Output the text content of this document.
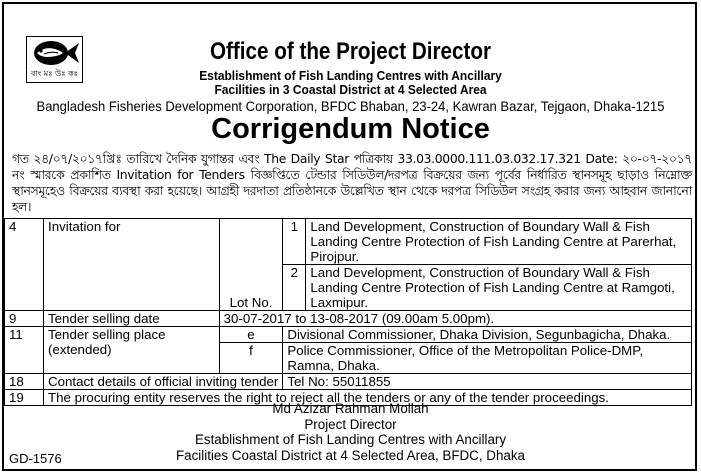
বাং মঃ উঃ কঃ
Office of the Project Director
Establishment of Fish Landing Centres with Ancillary
Facilities in 3 Coastal District at 4 Selected Area
Bangladesh Fisheries Development Corporation, BFDC Bhaban, 23-24, Kawran Bazar, Tejgaon, Dhaka-1215
Corrigendum Notice
গত ২৪/০৭/২০১৭খ্রিঃ তারিখে দৈনিক যুগান্তর এবং The Daily Star পত্রিকায় 33.03.0000.111.03.032.17.321 Date: ২০-০৭-২০১৭ নং স্মারকে প্রকাশিত Invitation for Tenders বিজ্ঞপ্তিতে টেন্ডার সিডিউল/দরপত্র বিক্রয়ের জন্য পূর্বের নির্ধারিত স্থানসমূহ ছাড়াও নিম্নোক্ত স্থানসমূহেও বিক্রয়ের ব্যবস্থা করা হয়েছে। আগ্রহী দরদাতা প্রতিষ্ঠানকে উল্লেখিত স্থান থেকে দরপত্র সিডিউল সংগ্রহ করার জন্য আহবান জানানো হল।
4	Invitation for	Lot No.	1	Land Development, Construction of Boundary Wall & Fish Landing Centre Protection of Fish Landing Centre at Parerhat, Pirojpur.
			2	Land Development, Construction of Boundary Wall & Fish Landing Centre Protection of Fish Landing Centre at Ramgoti, Laxmipur.
9	Tender selling date	30-07-2017 to 13-08-2017 (09.00am 5.00pm).		
11	Tender selling place (extended)	e	Divisional Commissioner, Dhaka Division, Segunbagicha, Dhaka.	
		f	Police Commissioner, Office of the Metropolitan Police-DMP, Ramna, Dhaka.	
18	Contact details of official inviting tender		Tel No: 55011855	
19	The procuring entity reserves the right to reject all the tenders or any of the tender proceedings.			
Md Azizar Rahman Mollah
Project Director
Establishment of Fish Landing Centres with Ancillary
Facilities Coastal District at 4 Selected Area, BFDC, Dhaka
GD-1576
